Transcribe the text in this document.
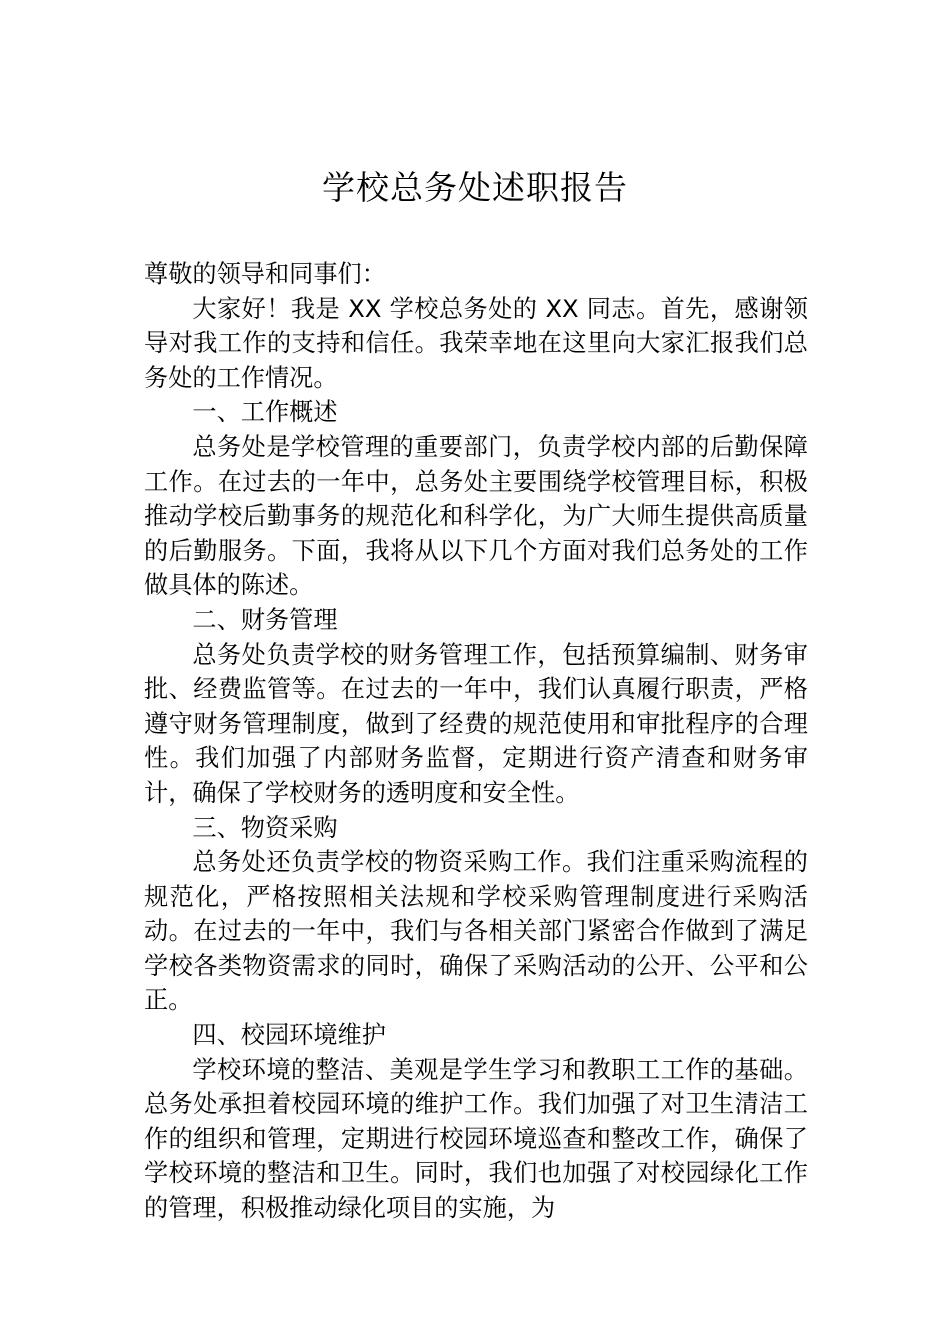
学校总务处述职报告

尊敬的领导和同事们：

大家好！我是 XX 学校总务处的 XX 同志。首先，感谢领导对我工作的支持和信任。我荣幸地在这里向大家汇报我们总务处的工作情况。

一、工作概述

总务处是学校管理的重要部门，负责学校内部的后勤保障工作。在过去的一年中，总务处主要围绕学校管理目标，积极推动学校后勤事务的规范化和科学化，为广大师生提供高质量的后勤服务。下面，我将从以下几个方面对我们总务处的工作做具体的陈述。

二、财务管理

总务处负责学校的财务管理工作，包括预算编制、财务审批、经费监管等。在过去的一年中，我们认真履行职责，严格遵守财务管理制度，做到了经费的规范使用和审批程序的合理性。我们加强了内部财务监督，定期进行资产清查和财务审计，确保了学校财务的透明度和安全性。

三、物资采购

总务处还负责学校的物资采购工作。我们注重采购流程的规范化，严格按照相关法规和学校采购管理制度进行采购活动。在过去的一年中，我们与各相关部门紧密合作做到了满足学校各类物资需求的同时，确保了采购活动的公开、公平和公正。

四、校园环境维护

学校环境的整洁、美观是学生学习和教职工工作的基础。总务处承担着校园环境的维护工作。我们加强了对卫生清洁工作的组织和管理，定期进行校园环境巡查和整改工作，确保了学校环境的整洁和卫生。同时，我们也加强了对校园绿化工作的管理，积极推动绿化项目的实施，为
